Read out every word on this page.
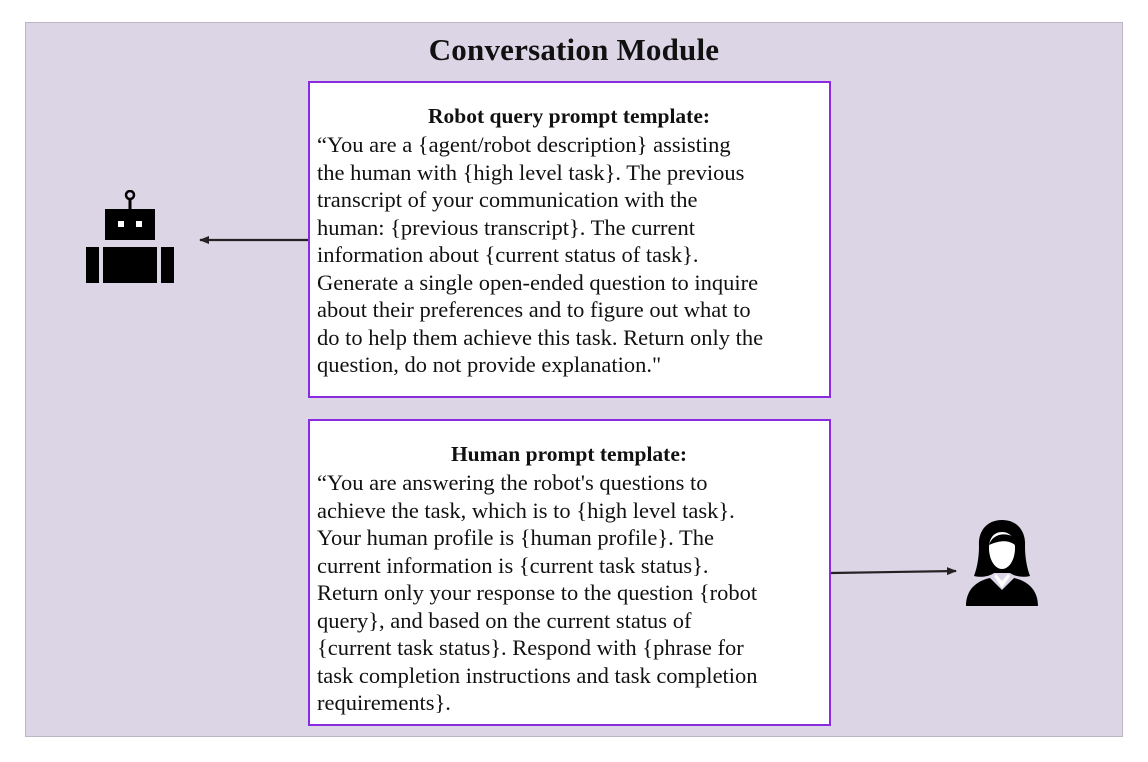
Conversation Module
Robot query prompt template:
“You are a {agent/robot description} assisting
the human with {high level task}. The previous
transcript of your communication with the
human: {previous transcript}. The current
information about {current status of task}.
Generate a single open-ended question to inquire
about their preferences and to figure out what to
do to help them achieve this task. Return only the
question, do not provide explanation."
Human prompt template:
“You are answering the robot's questions to
achieve the task, which is to {high level task}.
Your human profile is {human profile}. The
current information is {current task status}.
Return only your response to the question {robot
query}, and based on the current status of
{current task status}. Respond with {phrase for
task completion instructions and task completion
requirements}.
